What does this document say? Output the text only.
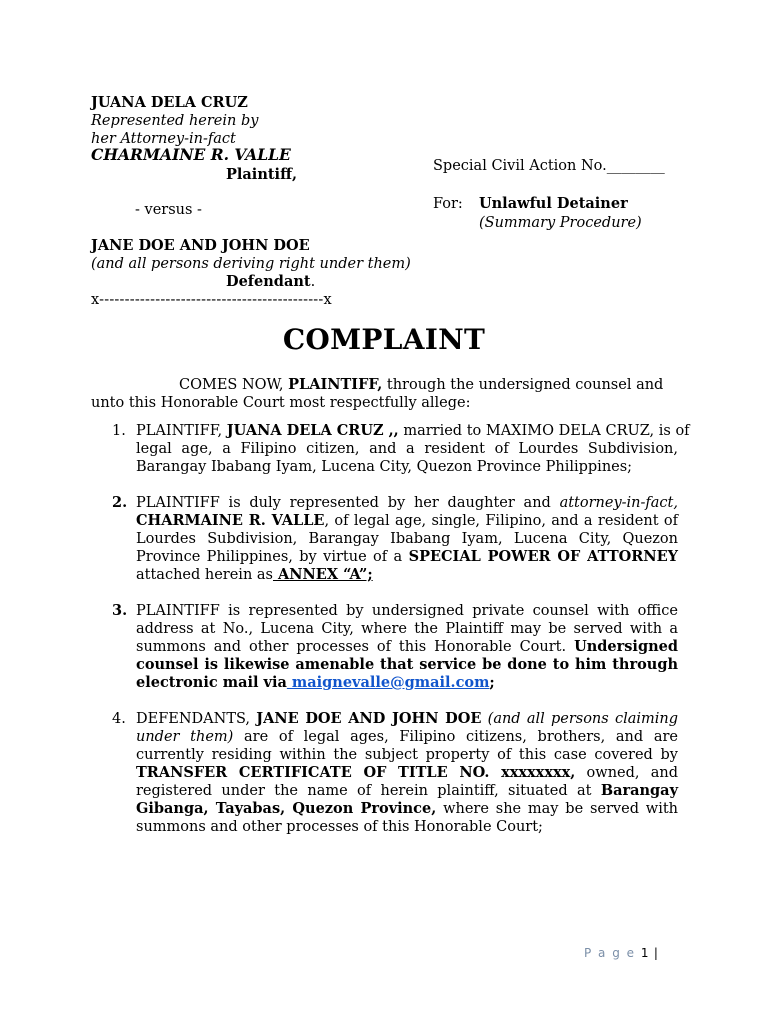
JUANA DELA CRUZ
Represented herein by
her Attorney-in-fact
CHARMAINE R. VALLE
Plaintiff,
- versus -
JANE DOE AND JOHN DOE
(and all persons deriving right under them)
Defendant.
x--------------------------------------------x
Special Civil Action No.________
For: Unlawful Detainer
(Summary Procedure)
COMPLAINT
COMES NOW, PLAINTIFF, through the undersigned counsel and
unto this Honorable Court most respectfully allege:
1. PLAINTIFF, JUANA DELA CRUZ ,, married to MAXIMO DELA CRUZ, is of
legal age, a Filipino citizen, and a resident of Lourdes Subdivision,
Barangay Ibabang Iyam, Lucena City, Quezon Province Philippines;
2. PLAINTIFF is duly represented by her daughter and attorney-in-fact,
CHARMAINE R. VALLE, of legal age, single, Filipino, and a resident of
Lourdes Subdivision, Barangay Ibabang Iyam, Lucena City, Quezon
Province Philippines, by virtue of a SPECIAL POWER OF ATTORNEY
attached herein as ANNEX “A”;
3. PLAINTIFF is represented by undersigned private counsel with office
address at No., Lucena City, where the Plaintiff may be served with a
summons and other processes of this Honorable Court. Undersigned
counsel is likewise amenable that service be done to him through
electronic mail via maignevalle@gmail.com;
4. DEFENDANTS, JANE DOE AND JOHN DOE (and all persons claiming
under them) are of legal ages, Filipino citizens, brothers, and are
currently residing within the subject property of this case covered by
TRANSFER CERTIFICATE OF TITLE NO. xxxxxxxx, owned, and
registered under the name of herein plaintiff, situated at Barangay
Gibanga, Tayabas, Quezon Province, where she may be served with
summons and other processes of this Honorable Court;
P a g e 1 |
